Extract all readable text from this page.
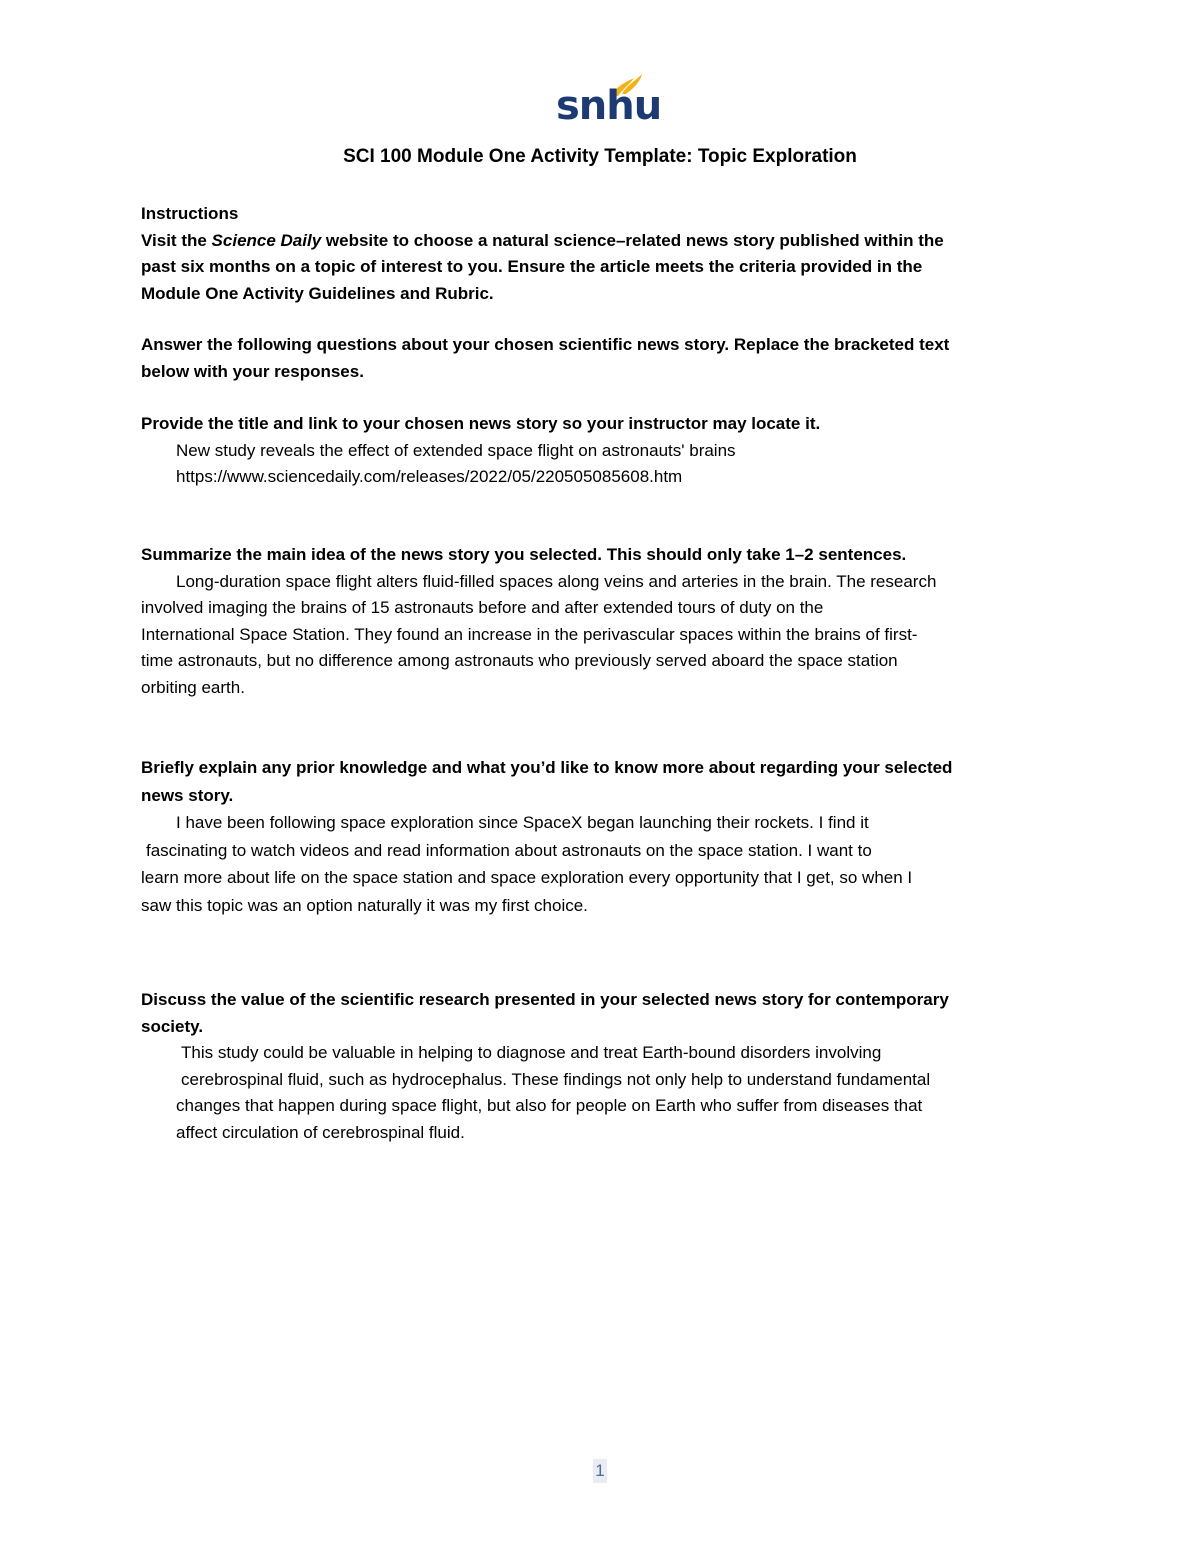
snhu
SCI 100 Module One Activity Template: Topic Exploration
Instructions
Visit the Science Daily website to choose a natural science–related news story published within the
past six months on a topic of interest to you. Ensure the article meets the criteria provided in the
Module One Activity Guidelines and Rubric.
Answer the following questions about your chosen scientific news story. Replace the bracketed text
below with your responses.
Provide the title and link to your chosen news story so your instructor may locate it.
New study reveals the effect of extended space flight on astronauts' brains
https://www.sciencedaily.com/releases/2022/05/220505085608.htm
Summarize the main idea of the news story you selected. This should only take 1–2 sentences.
Long-duration space flight alters fluid-filled spaces along veins and arteries in the brain. The research
involved imaging the brains of 15 astronauts before and after extended tours of duty on the
International Space Station. They found an increase in the perivascular spaces within the brains of first-
time astronauts, but no difference among astronauts who previously served aboard the space station
orbiting earth.
Briefly explain any prior knowledge and what you’d like to know more about regarding your selected
news story.
I have been following space exploration since SpaceX began launching their rockets. I find it
fascinating to watch videos and read information about astronauts on the space station. I want to
learn more about life on the space station and space exploration every opportunity that I get, so when I
saw this topic was an option naturally it was my first choice.
Discuss the value of the scientific research presented in your selected news story for contemporary
society.
This study could be valuable in helping to diagnose and treat Earth-bound disorders involving
cerebrospinal fluid, such as hydrocephalus. These findings not only help to understand fundamental
changes that happen during space flight, but also for people on Earth who suffer from diseases that
affect circulation of cerebrospinal fluid.
1
